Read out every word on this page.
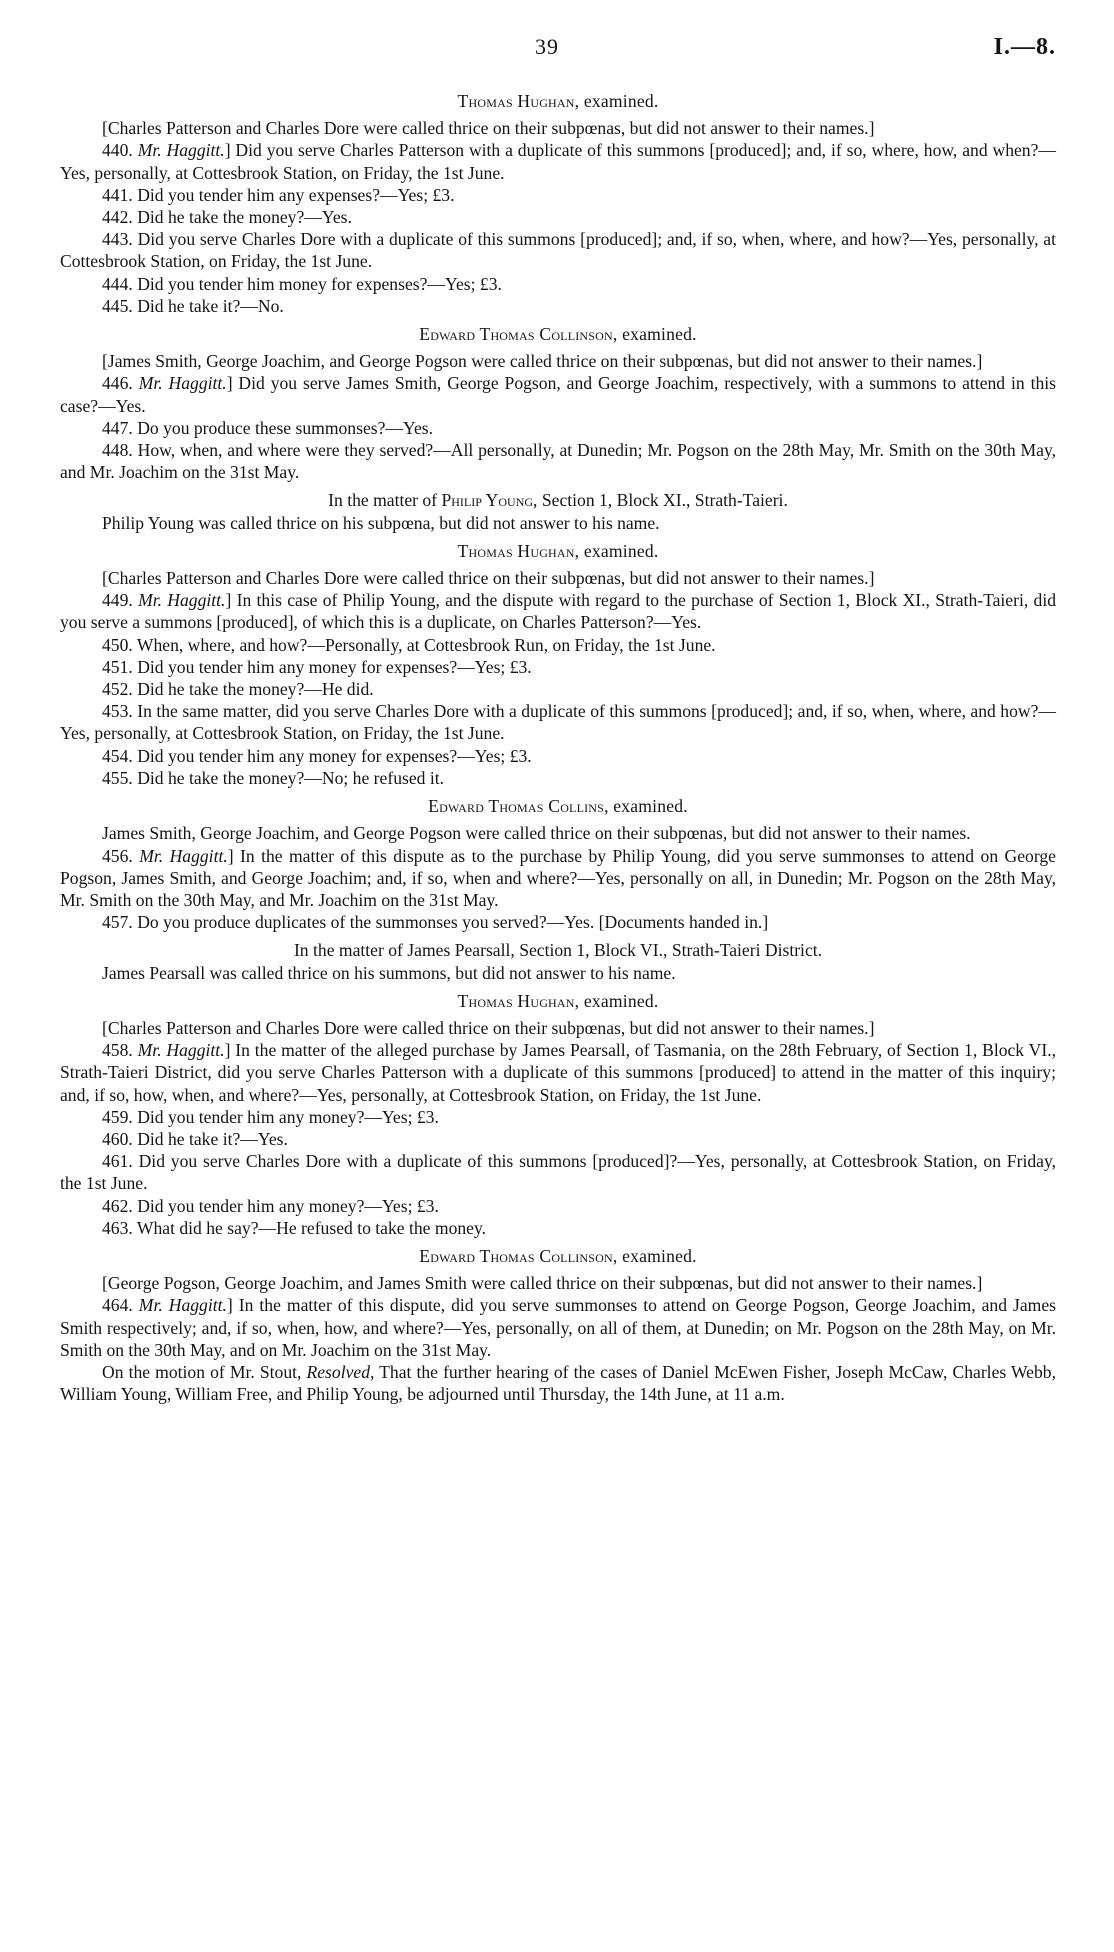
39	I.—8.
Thomas Hughan, examined.

[Charles Patterson and Charles Dore were called thrice on their subpœnas, but did not answer to their names.]

440. Mr. Haggitt.] Did you serve Charles Patterson with a duplicate of this summons [produced]; and, if so, where, how, and when?—Yes, personally, at Cottesbrook Station, on Friday, the 1st June.

441. Did you tender him any expenses?—Yes; £3.

442. Did he take the money?—Yes.

443. Did you serve Charles Dore with a duplicate of this summons [produced]; and, if so, when, where, and how?—Yes, personally, at Cottesbrook Station, on Friday, the 1st June.

444. Did you tender him money for expenses?—Yes; £3.

445. Did he take it?—No.

Edward Thomas Collinson, examined.

[James Smith, George Joachim, and George Pogson were called thrice on their subpœnas, but did not answer to their names.]

446. Mr. Haggitt.] Did you serve James Smith, George Pogson, and George Joachim, respectively, with a summons to attend in this case?—Yes.

447. Do you produce these summonses?—Yes.

448. How, when, and where were they served?—All personally, at Dunedin; Mr. Pogson on the 28th May, Mr. Smith on the 30th May, and Mr. Joachim on the 31st May.

In the matter of Philip Young, Section 1, Block XI., Strath-Taieri.

Philip Young was called thrice on his subpœna, but did not answer to his name.

Thomas Hughan, examined.

[Charles Patterson and Charles Dore were called thrice on their subpœnas, but did not answer to their names.]

449. Mr. Haggitt.] In this case of Philip Young, and the dispute with regard to the purchase of Section 1, Block XI., Strath-Taieri, did you serve a summons [produced], of which this is a duplicate, on Charles Patterson?—Yes.

450. When, where, and how?—Personally, at Cottesbrook Run, on Friday, the 1st June.

451. Did you tender him any money for expenses?—Yes; £3.

452. Did he take the money?—He did.

453. In the same matter, did you serve Charles Dore with a duplicate of this summons [produced]; and, if so, when, where, and how?—Yes, personally, at Cottesbrook Station, on Friday, the 1st June.

454. Did you tender him any money for expenses?—Yes; £3.

455. Did he take the money?—No; he refused it.

Edward Thomas Collins, examined.

James Smith, George Joachim, and George Pogson were called thrice on their subpœnas, but did not answer to their names.

456. Mr. Haggitt.] In the matter of this dispute as to the purchase by Philip Young, did you serve summonses to attend on George Pogson, James Smith, and George Joachim; and, if so, when and where?—Yes, personally on all, in Dunedin; Mr. Pogson on the 28th May, Mr. Smith on the 30th May, and Mr. Joachim on the 31st May.

457. Do you produce duplicates of the summonses you served?—Yes. [Documents handed in.]

In the matter of James Pearsall, Section 1, Block VI., Strath-Taieri District.

James Pearsall was called thrice on his summons, but did not answer to his name.

Thomas Hughan, examined.

[Charles Patterson and Charles Dore were called thrice on their subpœnas, but did not answer to their names.]

458. Mr. Haggitt.] In the matter of the alleged purchase by James Pearsall, of Tasmania, on the 28th February, of Section 1, Block VI., Strath-Taieri District, did you serve Charles Patterson with a duplicate of this summons [produced] to attend in the matter of this inquiry; and, if so, how, when, and where?—Yes, personally, at Cottesbrook Station, on Friday, the 1st June.

459. Did you tender him any money?—Yes; £3.

460. Did he take it?—Yes.

461. Did you serve Charles Dore with a duplicate of this summons [produced]?—Yes, personally, at Cottesbrook Station, on Friday, the 1st June.

462. Did you tender him any money?—Yes; £3.

463. What did he say?—He refused to take the money.

Edward Thomas Collinson, examined.

[George Pogson, George Joachim, and James Smith were called thrice on their subpœnas, but did not answer to their names.]

464. Mr. Haggitt.] In the matter of this dispute, did you serve summonses to attend on George Pogson, George Joachim, and James Smith respectively; and, if so, when, how, and where?—Yes, personally, on all of them, at Dunedin; on Mr. Pogson on the 28th May, on Mr. Smith on the 30th May, and on Mr. Joachim on the 31st May.

On the motion of Mr. Stout, Resolved, That the further hearing of the cases of Daniel McEwen Fisher, Joseph McCaw, Charles Webb, William Young, William Free, and Philip Young, be adjourned until Thursday, the 14th June, at 11 a.m.
